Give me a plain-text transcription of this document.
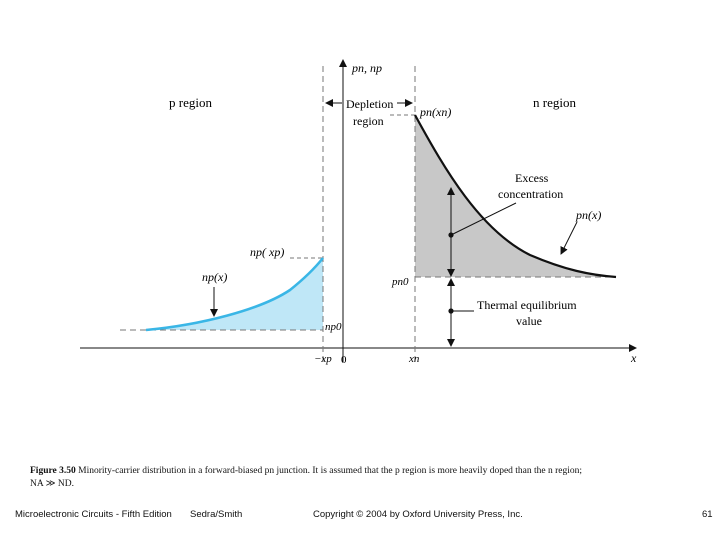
pn, np
x
p region	n region
Depletion
region
pn(xn)
Excess
concentration
pn(x)
np( xp)
np(x)	pn0
np0
Thermal equilibrium
value
−xp 0	xn
Figure 3.50 Minority-carrier distribution in a forward-biased pn junction. It is assumed that the p region is more heavily doped than the n region; NA ≫ ND.
Microelectronic Circuits - Fifth Edition Sedra/Smith	Copyright © 2004 by Oxford University Press, Inc.	61
